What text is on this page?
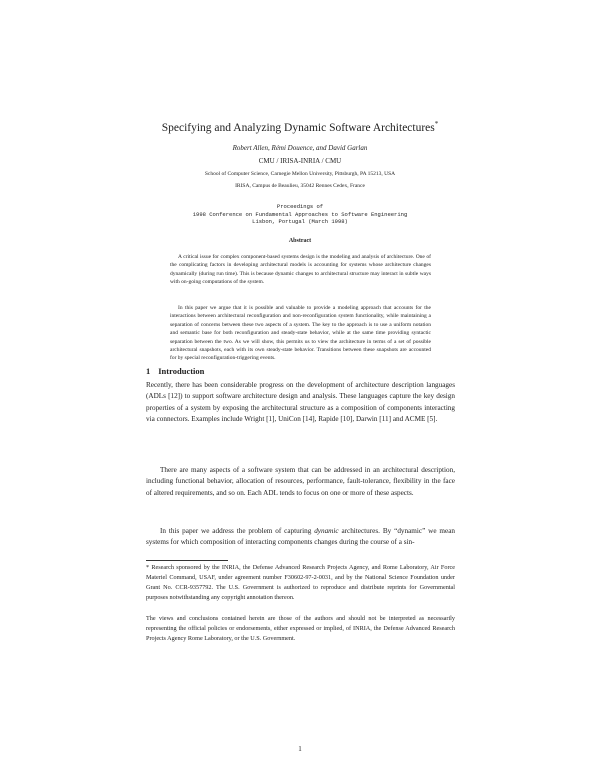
Specifying and Analyzing Dynamic Software Architectures*
Robert Allen, Rémi Douence, and David Garlan
CMU / IRISA-INRIA / CMU
School of Computer Science, Carnegie Mellon University, Pittsburgh, PA 15213, USA
IRISA, Campus de Beaulieu, 35042 Rennes Cedex, France
Proceedings of
1998 Conference on Fundamental Approaches to Software Engineering
Lisbon, Portugal (March 1998)
Abstract
A critical issue for complex component-based systems design is the modeling and analysis of architecture. One of the complicating factors in developing architectural models is accounting for systems whose architecture changes dynamically (during run time). This is because dynamic changes to architectural structure may interact in subtle ways with on-going computations of the system.
In this paper we argue that it is possible and valuable to provide a modeling approach that accounts for the interactions between architectural reconfiguration and non-reconfiguration system functionality, while maintaining a separation of concerns between these two aspects of a system. The key to the approach is to use a uniform notation and semantic base for both reconfiguration and steady-state behavior, while at the same time providing syntactic separation between the two. As we will show, this permits us to view the architecture in terms of a set of possible architectural snapshots, each with its own steady-state behavior. Transitions between these snapshots are accounted for by special reconfiguration-triggering events.
1 Introduction
Recently, there has been considerable progress on the development of architecture description languages (ADLs [12]) to support software architecture design and analysis. These languages capture the key design properties of a system by exposing the architectural structure as a composition of components interacting via connectors. Examples include Wright [1], UniCon [14], Rapide [10], Darwin [11] and ACME [5].
There are many aspects of a software system that can be addressed in an architectural description, including functional behavior, allocation of resources, performance, fault-tolerance, flexibility in the face of altered requirements, and so on. Each ADL tends to focus on one or more of these aspects.
In this paper we address the problem of capturing dynamic architectures. By “dynamic” we mean systems for which composition of interacting components changes during the course of a sin-
* Research sponsored by the INRIA, the Defense Advanced Research Projects Agency, and Rome Laboratory, Air Force Materiel Command, USAF, under agreement number F30602-97-2-0031, and by the National Science Foundation under Grant No. CCR-9357792. The U.S. Government is authorized to reproduce and distribute reprints for Governmental purposes notwithstanding any copyright annotation thereon.
The views and conclusions contained herein are those of the authors and should not be interpreted as necessarily representing the official policies or endorsements, either expressed or implied, of INRIA, the Defense Advanced Research Projects Agency Rome Laboratory, or the U.S. Government.
1
